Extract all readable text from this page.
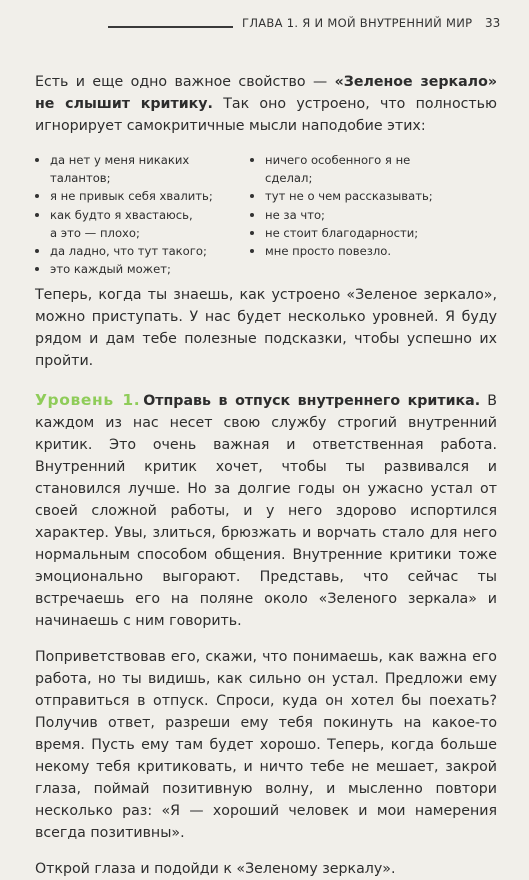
ГЛАВА 1. Я И МОЙ ВНУТРЕННИЙ МИР 33

Есть и еще одно важное свойство — «Зеленое зеркало» не слышит критику. Так оно устроено, что полностью игнорирует самокритичные мысли наподобие этих:

да нет у меня никаких
талантов;
я не привык себя хвалить;
как будто я хвастаюсь,
а это — плохо;
да ладно, что тут такого;
это каждый может;
ничего особенного я не
сделал;
тут не о чем рассказывать;
не за что;
не стоит благодарности;
мне просто повезло.

Теперь, когда ты знаешь, как устроено «Зеленое зеркало», можно приступать. У нас будет несколько уровней. Я буду рядом и дам тебе полезные подсказки, чтобы успешно их пройти.

Уровень 1. Отправь в отпуск внутреннего критика. В каждом из нас несет свою службу строгий внутренний критик. Это очень важная и ответственная работа. Внутренний критик хочет, чтобы ты развивался и становился лучше. Но за долгие годы он ужасно устал от своей сложной работы, и у него здорово испортился характер. Увы, злиться, брюзжать и ворчать стало для него нормальным способом общения. Внутренние критики тоже эмоционально выгорают. Представь, что сейчас ты встречаешь его на поляне около «Зеленого зеркала» и начинаешь с ним говорить.

Поприветствовав его, скажи, что понимаешь, как важна его работа, но ты видишь, как сильно он устал. Предложи ему отправиться в отпуск. Спроси, куда он хотел бы поехать? Получив ответ, разреши ему тебя покинуть на какое-то время. Пусть ему там будет хорошо. Теперь, когда больше некому тебя критиковать, и ничто тебе не мешает, закрой глаза, поймай позитивную волну, и мысленно повтори несколько раз: «Я — хороший человек и мои намерения всегда позитивны».

Открой глаза и подойди к «Зеленому зеркалу».
